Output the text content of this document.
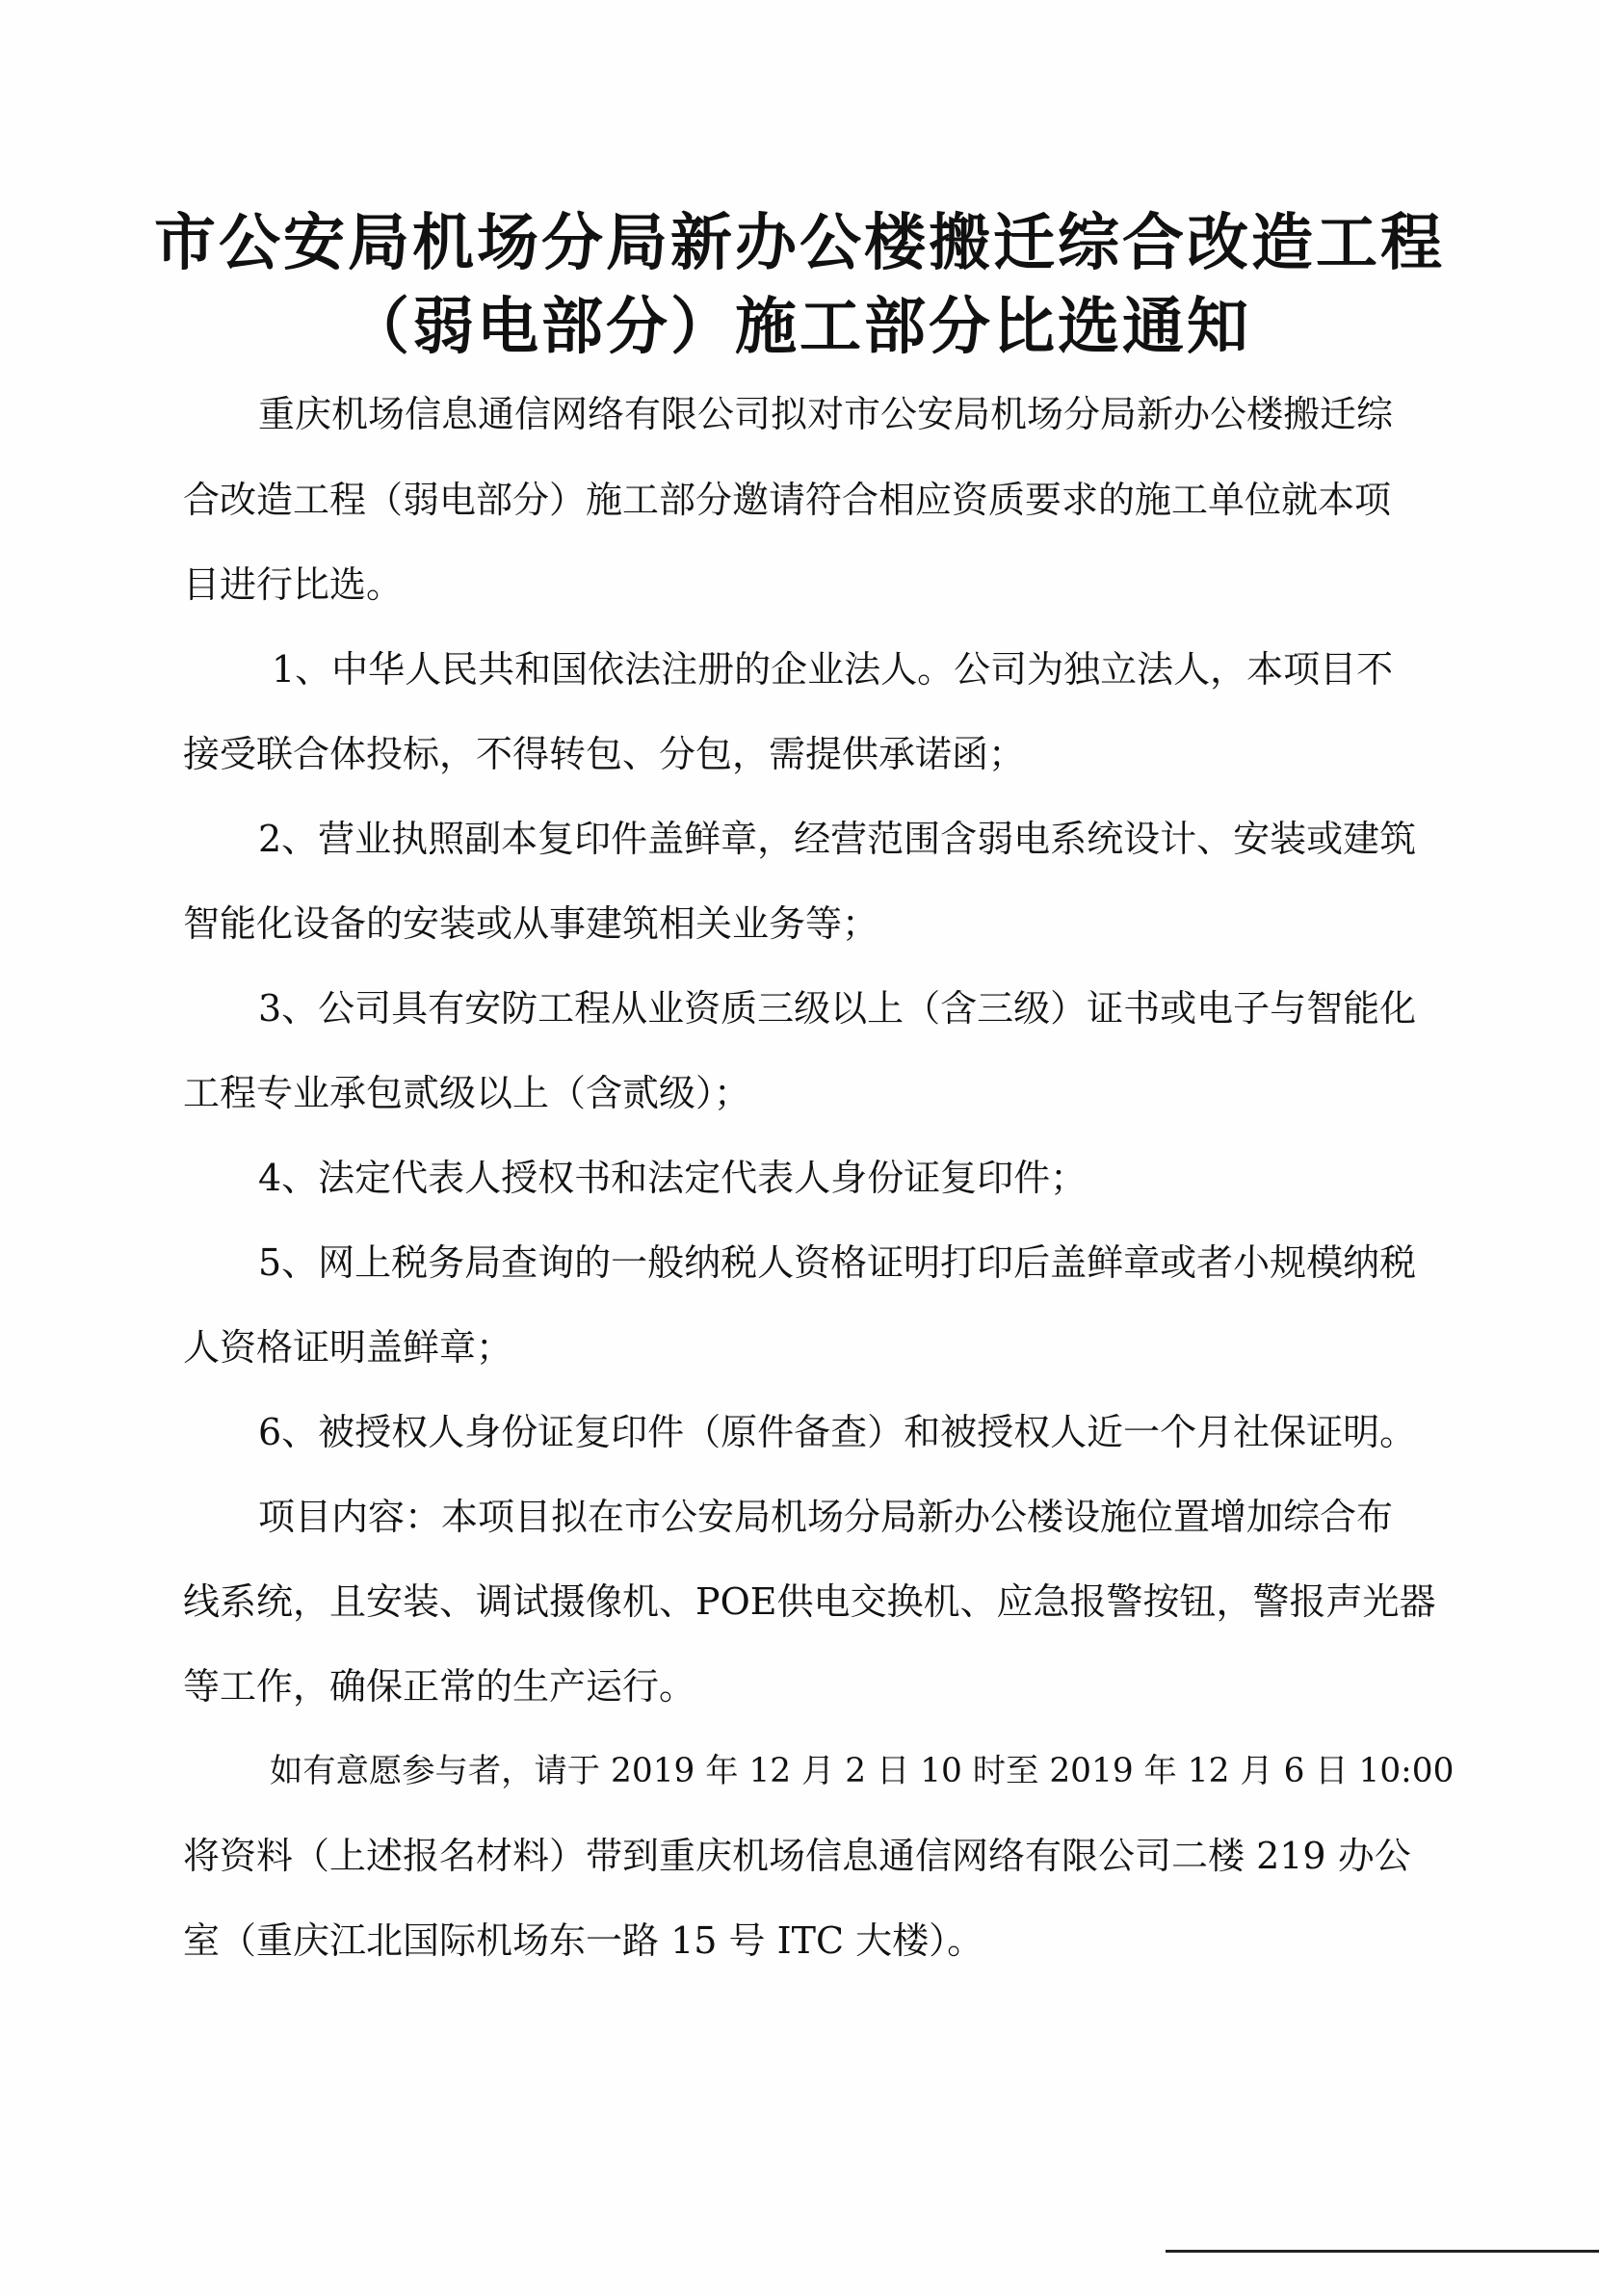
市公安局机场分局新办公楼搬迁综合改造工程
（弱电部分）施工部分比选通知
重庆机场信息通信网络有限公司拟对市公安局机场分局新办公楼搬迁综
合改造工程（弱电部分）施工部分邀请符合相应资质要求的施工单位就本项
目进行比选。
1、中华人民共和国依法注册的企业法人。公司为独立法人，本项目不
接受联合体投标，不得转包、分包，需提供承诺函；
2、营业执照副本复印件盖鲜章，经营范围含弱电系统设计、安装或建筑
智能化设备的安装或从事建筑相关业务等；
3、公司具有安防工程从业资质三级以上（含三级）证书或电子与智能化
工程专业承包贰级以上（含贰级）；
4、法定代表人授权书和法定代表人身份证复印件；
5、网上税务局查询的一般纳税人资格证明打印后盖鲜章或者小规模纳税
人资格证明盖鲜章；
6、被授权人身份证复印件（原件备查）和被授权人近一个月社保证明。
项目内容：本项目拟在市公安局机场分局新办公楼设施位置增加综合布
线系统，且安装、调试摄像机、POE供电交换机、应急报警按钮，警报声光器
等工作，确保正常的生产运行。
如有意愿参与者，请于 2019 年 12 月 2 日 10 时至 2019 年 12 月 6 日 10:00
将资料（上述报名材料）带到重庆机场信息通信网络有限公司二楼 219 办公
室（重庆江北国际机场东一路 15 号 ITC 大楼）。
